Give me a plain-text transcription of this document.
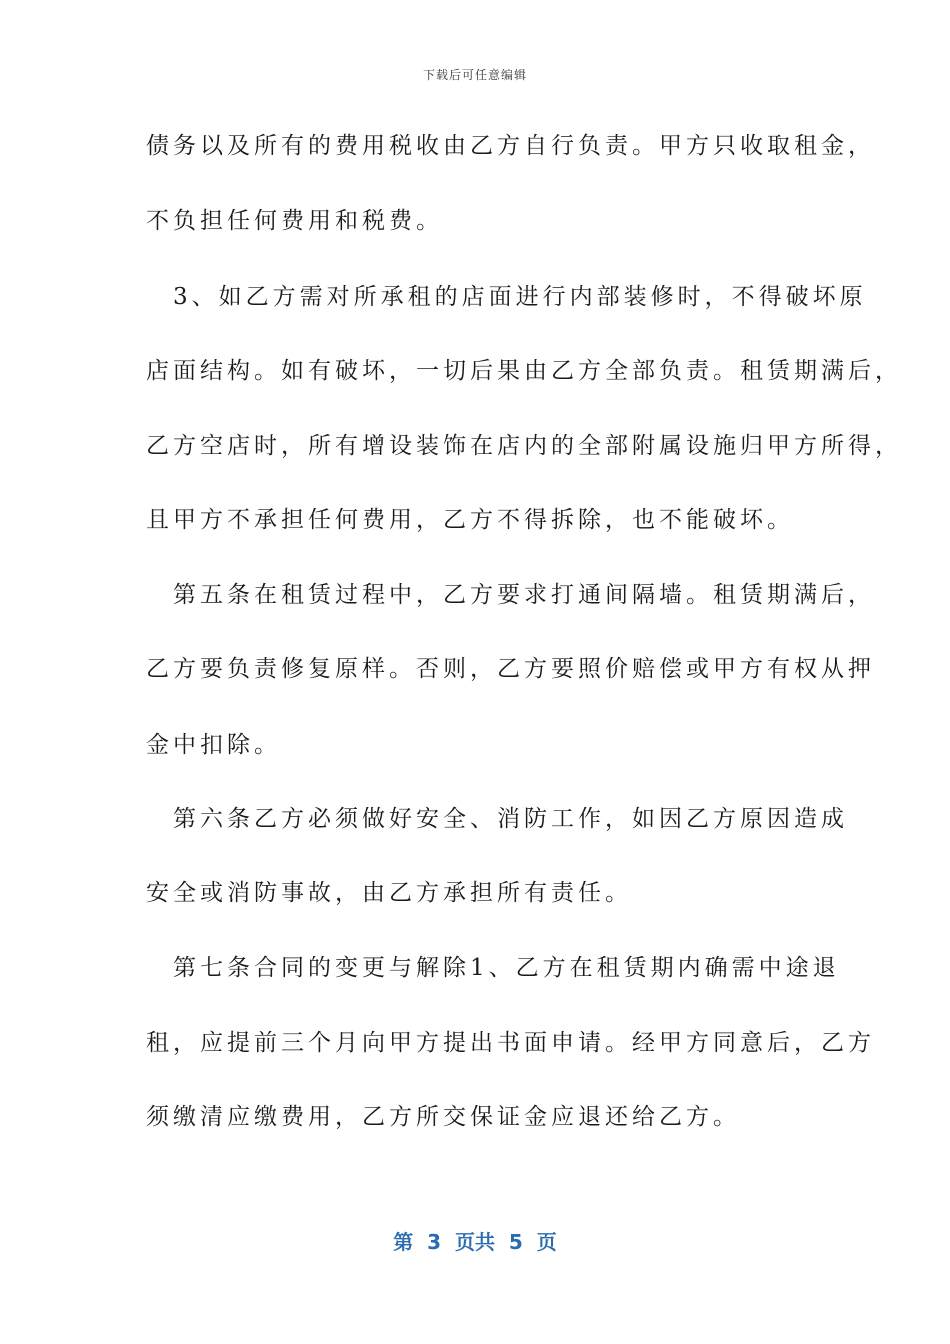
下载后可任意编辑
债务以及所有的费用税收由乙方自行负责。甲方只收取租金，
不负担任何费用和税费。
　3、如乙方需对所承租的店面进行内部装修时，不得破坏原
店面结构。如有破坏，一切后果由乙方全部负责。租赁期满后，
乙方空店时，所有增设装饰在店内的全部附属设施归甲方所得，
且甲方不承担任何费用，乙方不得拆除，也不能破坏。
　第五条在租赁过程中，乙方要求打通间隔墙。租赁期满后，
乙方要负责修复原样。否则，乙方要照价赔偿或甲方有权从押
金中扣除。
　第六条乙方必须做好安全、消防工作，如因乙方原因造成
安全或消防事故，由乙方承担所有责任。
　第七条合同的变更与解除1、乙方在租赁期内确需中途退
租，应提前三个月向甲方提出书面申请。经甲方同意后，乙方
须缴清应缴费用，乙方所交保证金应退还给乙方。
第  3  页共  5  页
